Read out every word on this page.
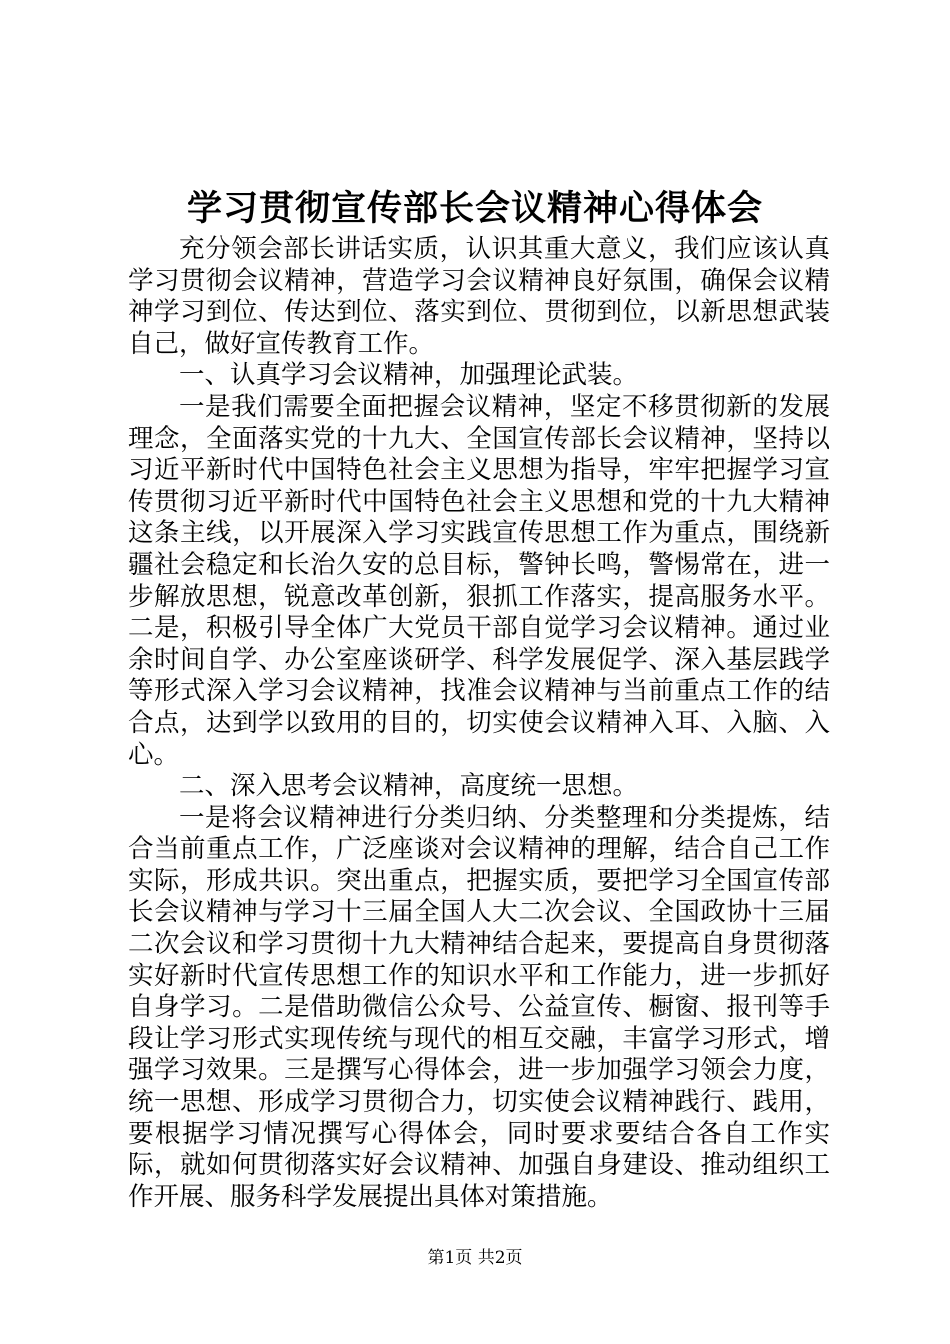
学习贯彻宣传部长会议精神心得体会

充分领会部长讲话实质，认识其重大意义，我们应该认真学习贯彻会议精神，营造学习会议精神良好氛围，确保会议精神学习到位、传达到位、落实到位、贯彻到位，以新思想武装自己，做好宣传教育工作。

一、认真学习会议精神，加强理论武装。

一是我们需要全面把握会议精神，坚定不移贯彻新的发展理念，全面落实党的十九大、全国宣传部长会议精神，坚持以习近平新时代中国特色社会主义思想为指导，牢牢把握学习宣传贯彻习近平新时代中国特色社会主义思想和党的十九大精神这条主线，以开展深入学习实践宣传思想工作为重点，围绕新疆社会稳定和长治久安的总目标，警钟长鸣，警惕常在，进一步解放思想，锐意改革创新，狠抓工作落实，提高服务水平。二是，积极引导全体广大党员干部自觉学习会议精神。通过业余时间自学、办公室座谈研学、科学发展促学、深入基层践学等形式深入学习会议精神，找准会议精神与当前重点工作的结合点，达到学以致用的目的，切实使会议精神入耳、入脑、入心。

二、深入思考会议精神，高度统一思想。

一是将会议精神进行分类归纳、分类整理和分类提炼，结合当前重点工作，广泛座谈对会议精神的理解，结合自己工作实际，形成共识。突出重点，把握实质，要把学习全国宣传部长会议精神与学习十三届全国人大二次会议、全国政协十三届二次会议和学习贯彻十九大精神结合起来，要提高自身贯彻落实好新时代宣传思想工作的知识水平和工作能力，进一步抓好自身学习。二是借助微信公众号、公益宣传、橱窗、报刊等手段让学习形式实现传统与现代的相互交融，丰富学习形式，增强学习效果。三是撰写心得体会，进一步加强学习领会力度，统一思想、形成学习贯彻合力，切实使会议精神践行、践用，要根据学习情况撰写心得体会，同时要求要结合各自工作实际，就如何贯彻落实好会议精神、加强自身建设、推动组织工作开展、服务科学发展提出具体对策措施。

第1页 共2页
